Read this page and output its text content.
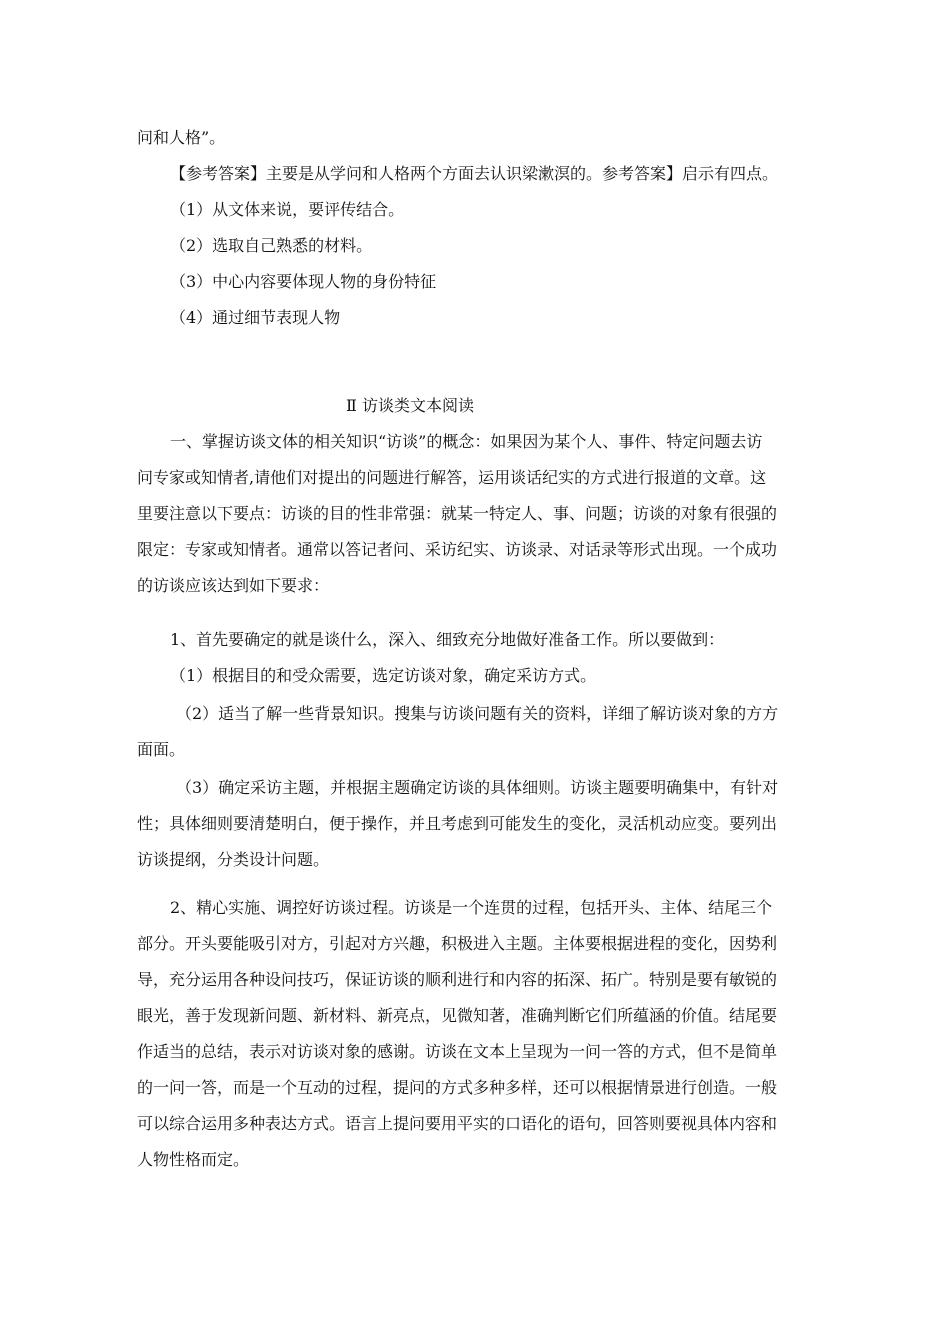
问和人格”。
【参考答案】主要是从学问和人格两个方面去认识梁漱溟的。参考答案】启示有四点。
（1）从文体来说，要评传结合。
（2）选取自己熟悉的材料。
（3）中心内容要体现人物的身份特征
（4）通过细节表现人物
Ⅱ 访谈类文本阅读
一、掌握访谈文体的相关知识“访谈”的概念：如果因为某个人、事件、特定问题去访
问专家或知情者,请他们对提出的问题进行解答，运用谈话纪实的方式进行报道的文章。这
里要注意以下要点：访谈的目的性非常强：就某一特定人、事、问题；访谈的对象有很强的
限定：专家或知情者。通常以答记者问、采访纪实、访谈录、对话录等形式出现。一个成功
的访谈应该达到如下要求：
1、首先要确定的就是谈什么，深入、细致充分地做好准备工作。所以要做到：
（1）根据目的和受众需要，选定访谈对象，确定采访方式。
（2）适当了解一些背景知识。搜集与访谈问题有关的资料，详细了解访谈对象的方方
面面。
（3）确定采访主题，并根据主题确定访谈的具体细则。访谈主题要明确集中，有针对
性；具体细则要清楚明白，便于操作，并且考虑到可能发生的变化，灵活机动应变。要列出
访谈提纲，分类设计问题。
2、精心实施、调控好访谈过程。访谈是一个连贯的过程，包括开头、主体、结尾三个
部分。开头要能吸引对方，引起对方兴趣，积极进入主题。主体要根据进程的变化，因势利
导，充分运用各种设问技巧，保证访谈的顺利进行和内容的拓深、拓广。特别是要有敏锐的
眼光，善于发现新问题、新材料、新亮点，见微知著，准确判断它们所蕴涵的价值。结尾要
作适当的总结，表示对访谈对象的感谢。访谈在文本上呈现为一问一答的方式，但不是简单
的一问一答，而是一个互动的过程，提问的方式多种多样，还可以根据情景进行创造。一般
可以综合运用多种表达方式。语言上提问要用平实的口语化的语句，回答则要视具体内容和
人物性格而定。
